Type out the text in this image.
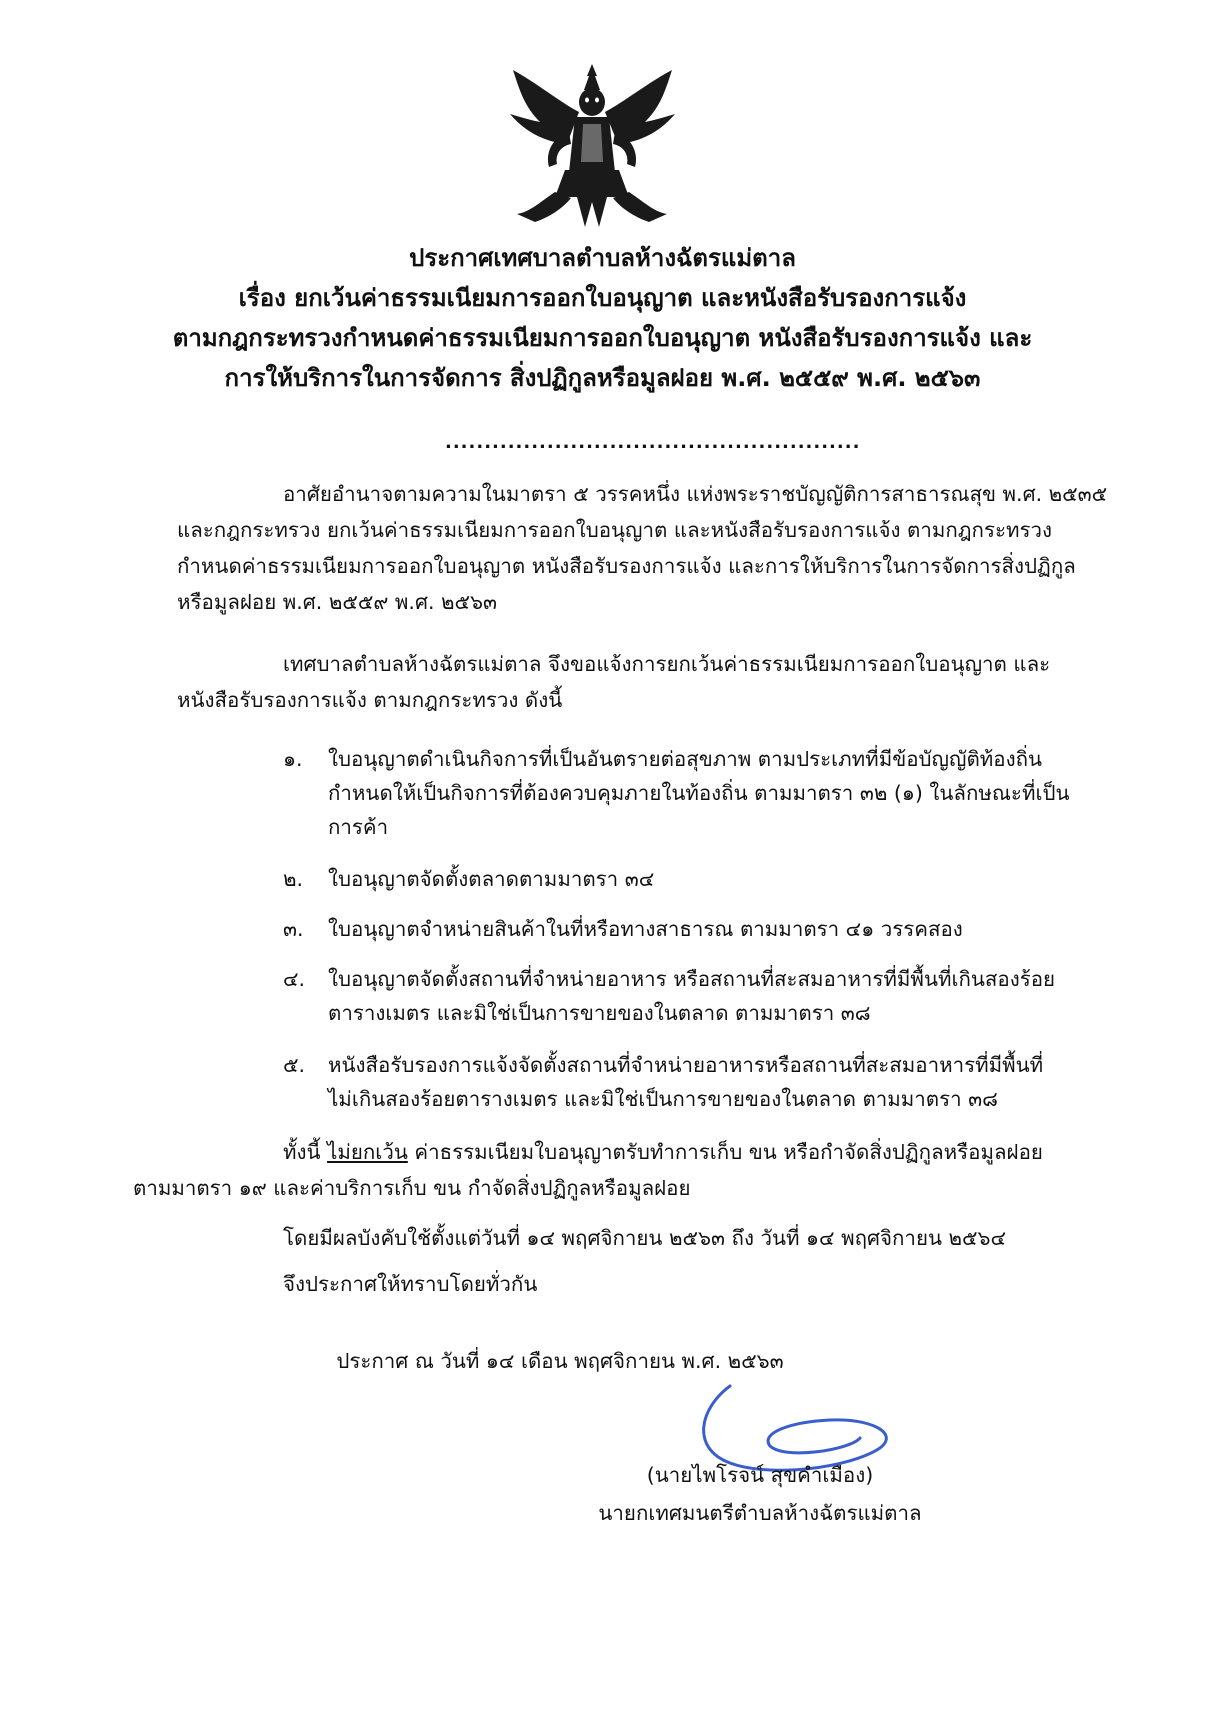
ประกาศเทศบาลตำบลห้างฉัตรแม่ตาล
เรื่อง ยกเว้นค่าธรรมเนียมการออกใบอนุญาต และหนังสือรับรองการแจ้ง
ตามกฎกระทรวงกำหนดค่าธรรมเนียมการออกใบอนุญาต หนังสือรับรองการแจ้ง และ
การให้บริการในการจัดการ สิ่งปฏิกูลหรือมูลฝอย พ.ศ. ๒๕๕๙ พ.ศ. ๒๕๖๓
.....................................................
อาศัยอำนาจตามความในมาตรา ๕ วรรคหนึ่ง แห่งพระราชบัญญัติการสาธารณสุข พ.ศ. ๒๕๓๕
และกฎกระทรวง ยกเว้นค่าธรรมเนียมการออกใบอนุญาต และหนังสือรับรองการแจ้ง ตามกฎกระทรวง
กำหนดค่าธรรมเนียมการออกใบอนุญาต หนังสือรับรองการแจ้ง และการให้บริการในการจัดการสิ่งปฏิกูล
หรือมูลฝอย พ.ศ. ๒๕๕๙ พ.ศ. ๒๕๖๓
เทศบาลตำบลห้างฉัตรแม่ตาล จึงขอแจ้งการยกเว้นค่าธรรมเนียมการออกใบอนุญาต และ
หนังสือรับรองการแจ้ง ตามกฎกระทรวง ดังนี้
๑.	ใบอนุญาตดำเนินกิจการที่เป็นอันตรายต่อสุขภาพ ตามประเภทที่มีข้อบัญญัติท้องถิ่น
กำหนดให้เป็นกิจการที่ต้องควบคุมภายในท้องถิ่น ตามมาตรา ๓๒ (๑) ในลักษณะที่เป็น
การค้า
๒.	ใบอนุญาตจัดตั้งตลาดตามมาตรา ๓๔
๓.	ใบอนุญาตจำหน่ายสินค้าในที่หรือทางสาธารณ ตามมาตรา ๔๑ วรรคสอง
๔.	ใบอนุญาตจัดตั้งสถานที่จำหน่ายอาหาร หรือสถานที่สะสมอาหารที่มีพื้นที่เกินสองร้อย
ตารางเมตร และมิใช่เป็นการขายของในตลาด ตามมาตรา ๓๘
๕.	หนังสือรับรองการแจ้งจัดตั้งสถานที่จำหน่ายอาหารหรือสถานที่สะสมอาหารที่มีพื้นที่
ไม่เกินสองร้อยตารางเมตร และมิใช่เป็นการขายของในตลาด ตามมาตรา ๓๘
ทั้งนี้ ไม่ยกเว้น ค่าธรรมเนียมใบอนุญาตรับทำการเก็บ ขน หรือกำจัดสิ่งปฏิกูลหรือมูลฝอย
ตามมาตรา ๑๙ และค่าบริการเก็บ ขน กำจัดสิ่งปฏิกูลหรือมูลฝอย
โดยมีผลบังคับใช้ตั้งแต่วันที่ ๑๔ พฤศจิกายน ๒๕๖๓ ถึง วันที่ ๑๔ พฤศจิกายน ๒๕๖๔
จึงประกาศให้ทราบโดยทั่วกัน
ประกาศ ณ วันที่ ๑๔ เดือน พฤศจิกายน พ.ศ. ๒๕๖๓
(นายไพโรจน์ สุขคำเมือง)
นายกเทศมนตรีตำบลห้างฉัตรแม่ตาล
